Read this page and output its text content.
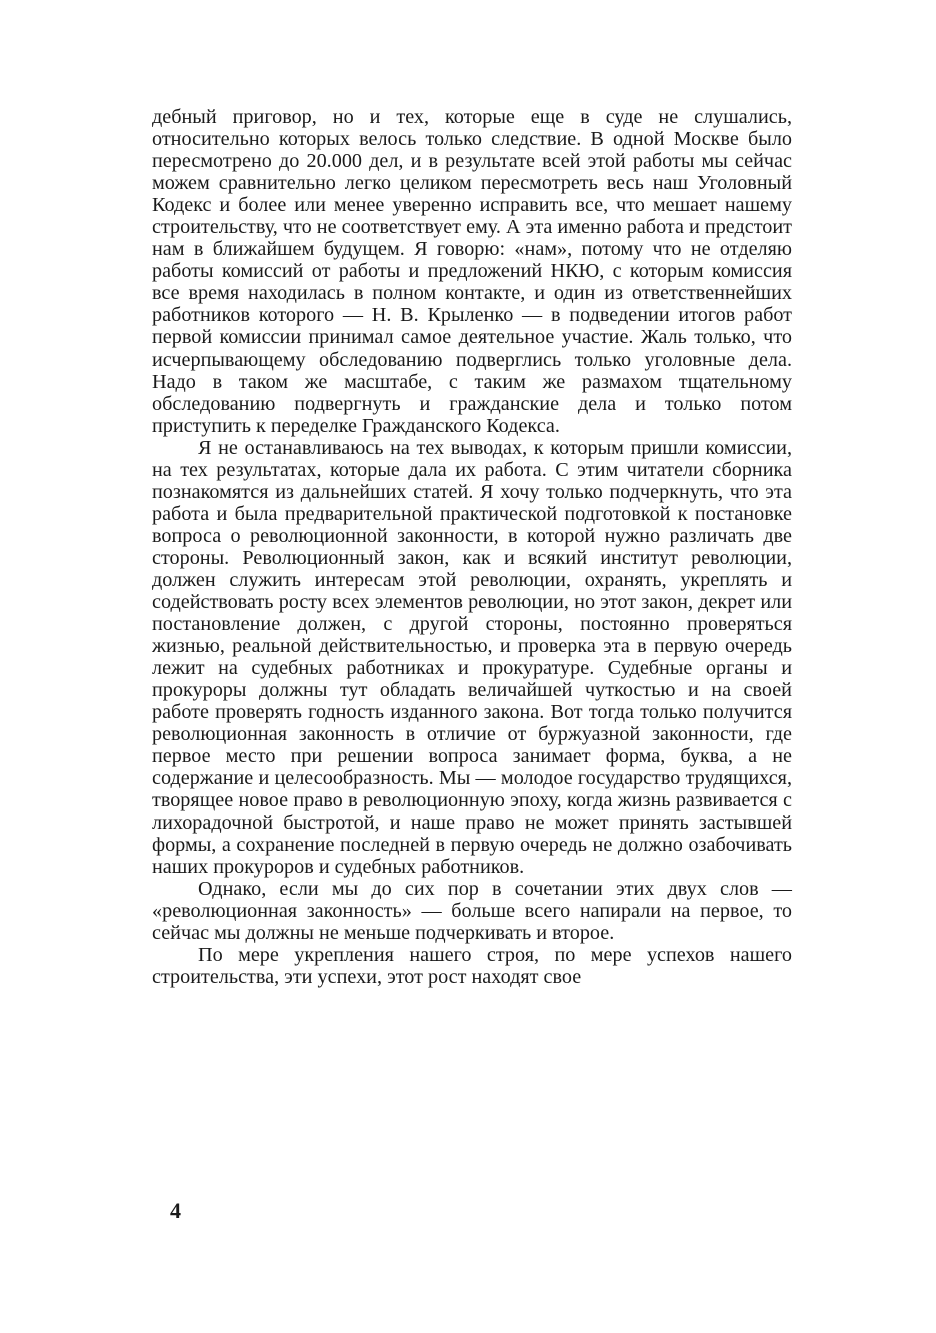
дебный приговор, но и тех, которые еще в суде не слушались, относительно которых велось только следствие. В одной Москве было пересмотрено до 20.000 дел, и в результате всей этой работы мы сейчас можем сравнительно легко целиком пересмотреть весь наш Уголовный Кодекс и более или менее уверенно исправить все, что мешает нашему строительству, что не соответствует ему. А эта именно работа и предстоит нам в ближайшем будущем. Я говорю: «нам», потому что не отделяю работы комиссий от работы и предложений НКЮ, с которым комиссия все время находилась в полном контакте, и один из ответственнейших работников которого — Н. В. Крыленко — в подведении итогов работ первой комиссии принимал самое деятельное участие. Жаль только, что исчерпывающему обследованию подверглись только уголовные дела. Надо в таком же масштабе, с таким же размахом тщательному обследованию подвергнуть и гражданские дела и только потом приступить к переделке Гражданского Кодекса.

Я не останавливаюсь на тех выводах, к которым пришли комиссии, на тех результатах, которые дала их работа. С этим читатели сборника познакомятся из дальнейших статей. Я хочу только подчеркнуть, что эта работа и была предварительной практической подготовкой к постановке вопроса о революционной законности, в которой нужно различать две стороны. Революционный закон, как и всякий институт революции, должен служить интересам этой революции, охранять, укреплять и содействовать росту всех элементов революции, но этот закон, декрет или постановление должен, с другой стороны, постоянно проверяться жизнью, реальной действительностью, и проверка эта в первую очередь лежит на судебных работниках и прокуратуре. Судебные органы и прокуроры должны тут обладать величайшей чуткостью и на своей работе проверять годность изданного закона. Вот тогда только получится революционная законность в отличие от буржуазной законности, где первое место при решении вопроса занимает форма, буква, а не содержание и целесообразность. Мы — молодое государство трудящихся, творящее новое право в революционную эпоху, когда жизнь развивается с лихорадочной быстротой, и наше право не может принять застывшей формы, а сохранение последней в первую очередь не должно озабочивать наших прокуроров и судебных работников.

Однако, если мы до сих пор в сочетании этих двух слов — «революционная законность» — больше всего напирали на первое, то сейчас мы должны не меньше подчеркивать и второе.

По мере укрепления нашего строя, по мере успехов нашего строительства, эти успехи, этот рост находят свое

4
